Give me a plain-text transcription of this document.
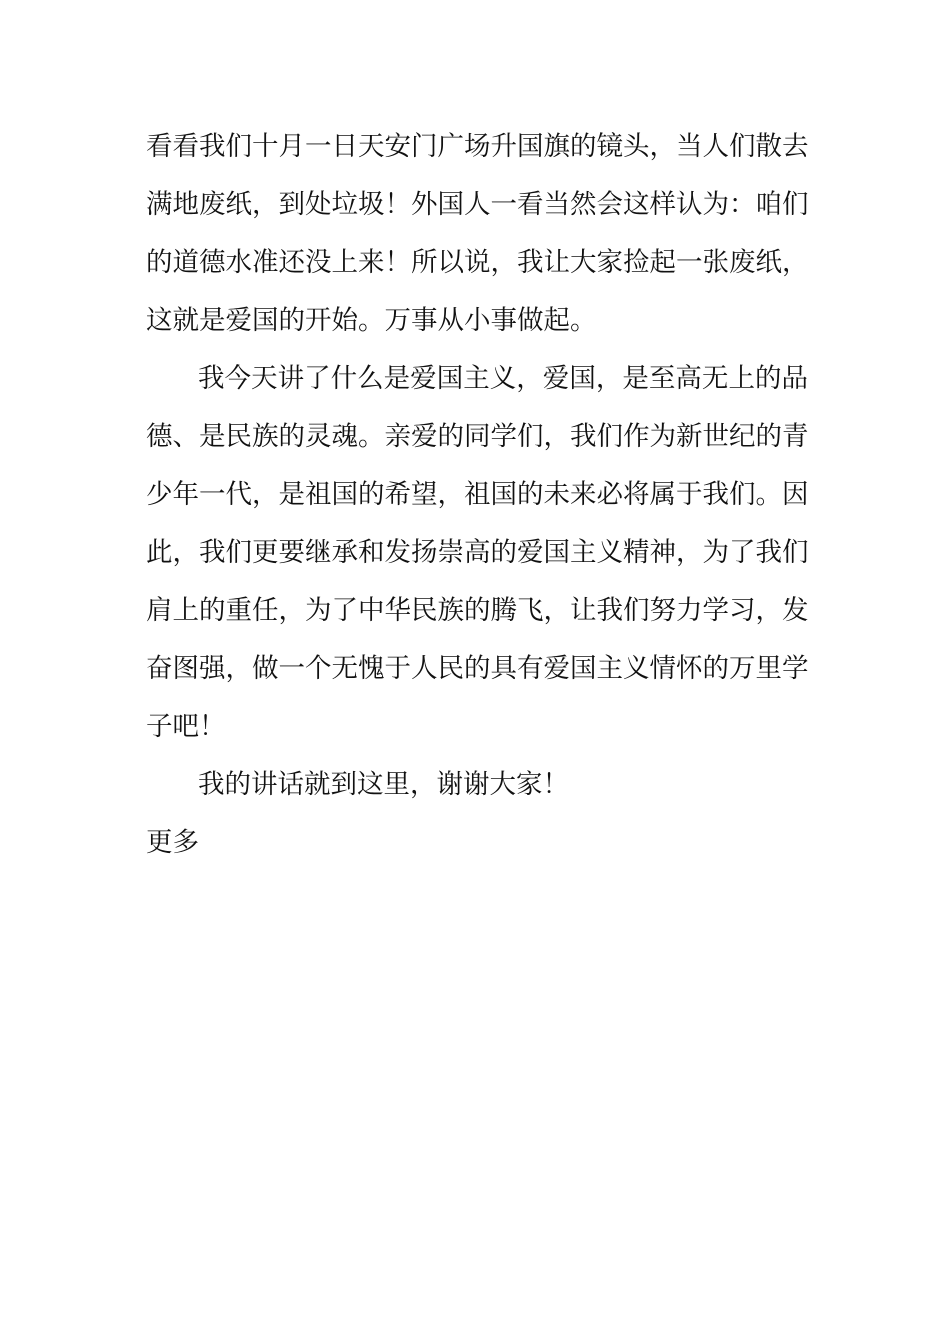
看看我们十月一日天安门广场升国旗的镜头，当人们散去
满地废纸，到处垃圾！外国人一看当然会这样认为：咱们
的道德水准还没上来！所以说，我让大家捡起一张废纸，
这就是爱国的开始。万事从小事做起。
我今天讲了什么是爱国主义，爱国，是至高无上的品
德、是民族的灵魂。亲爱的同学们，我们作为新世纪的青
少年一代，是祖国的希望，祖国的未来必将属于我们。因
此，我们更要继承和发扬崇高的爱国主义精神，为了我们
肩上的重任，为了中华民族的腾飞，让我们努力学习，发
奋图强，做一个无愧于人民的具有爱国主义情怀的万里学
子吧！
我的讲话就到这里，谢谢大家！
更多
